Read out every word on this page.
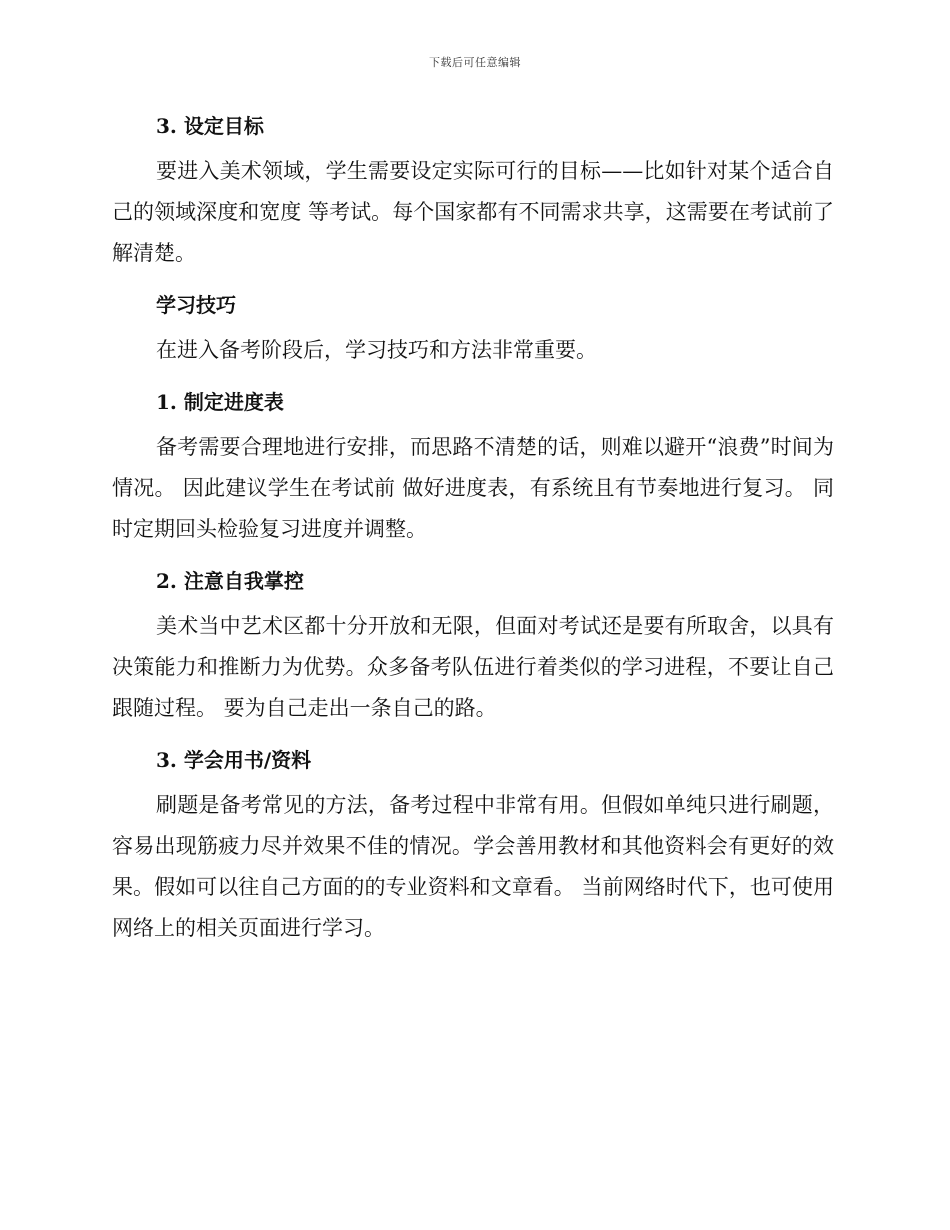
下载后可任意编辑

3. 设定目标

要进入美术领域，学生需要设定实际可行的目标——比如针对某个适合自己的领域深度和宽度 等考试。每个国家都有不同需求共享，这需要在考试前了解清楚。

学习技巧

在进入备考阶段后，学习技巧和方法非常重要。

1. 制定进度表

备考需要合理地进行安排，而思路不清楚的话，则难以避开“浪费”时间为情况。 因此建议学生在考试前 做好进度表，有系统且有节奏地进行复习。 同时定期回头检验复习进度并调整。

2. 注意自我掌控

美术当中艺术区都十分开放和无限，但面对考试还是要有所取舍，以具有决策能力和推断力为优势。众多备考队伍进行着类似的学习进程，不要让自己跟随过程。 要为自己走出一条自己的路。

3. 学会用书/资料

刷题是备考常见的方法，备考过程中非常有用。但假如单纯只进行刷题，容易出现筋疲力尽并效果不佳的情况。学会善用教材和其他资料会有更好的效果。假如可以往自己方面的的专业资料和文章看。 当前网络时代下，也可使用网络上的相关页面进行学习。
